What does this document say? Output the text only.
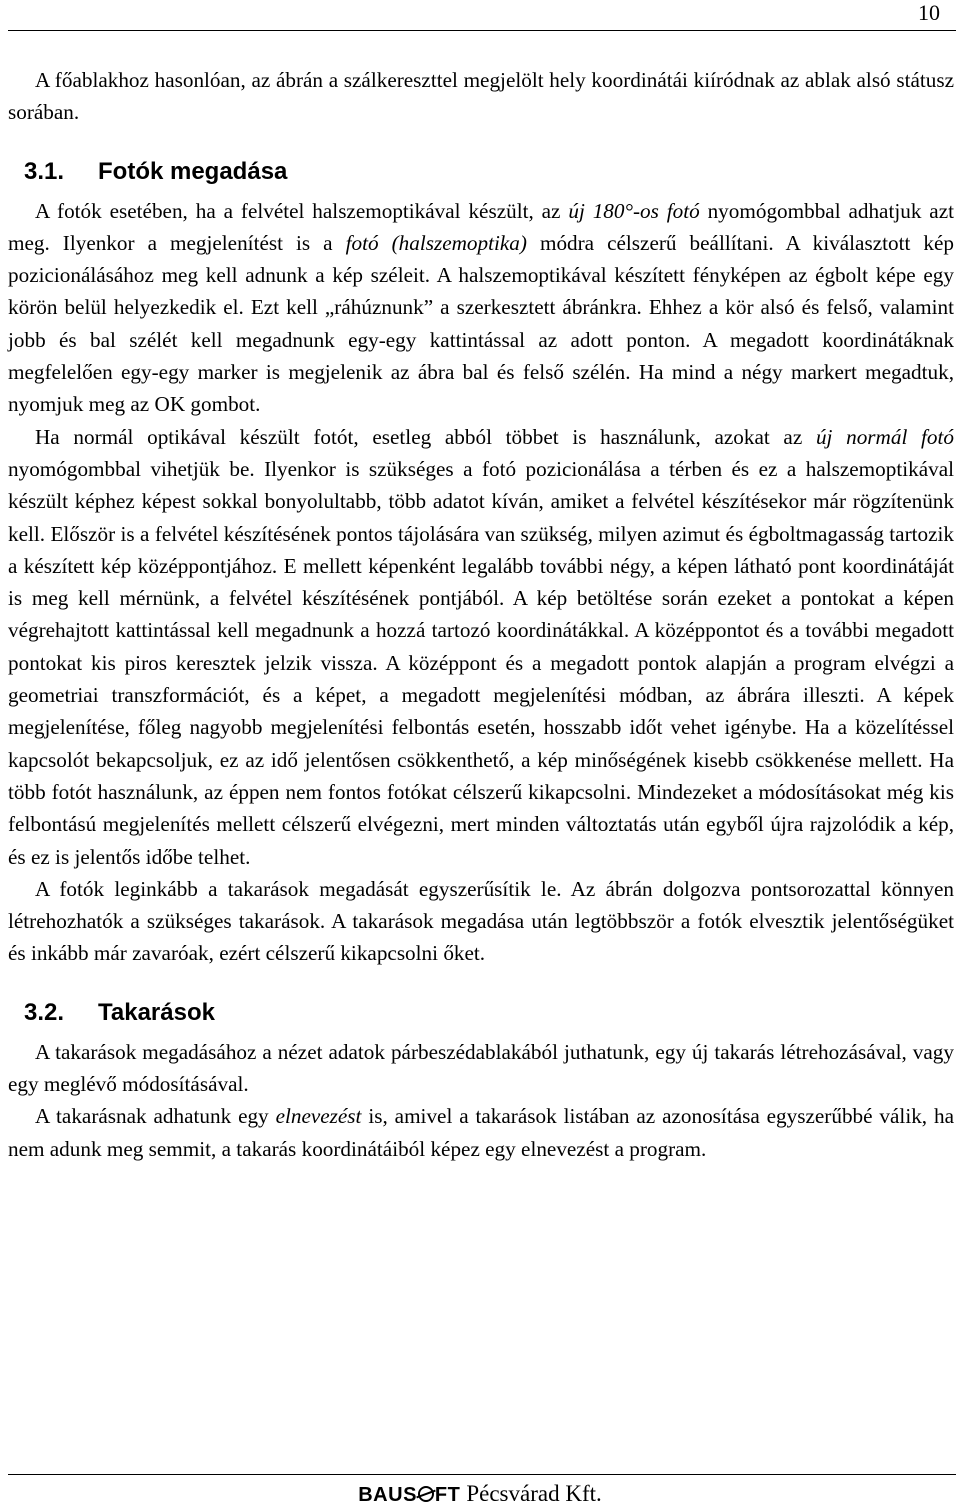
10

A főablakhoz hasonlóan, az ábrán a szálkereszttel megjelölt hely koordinátái kiíródnak az ablak alsó státusz sorában.

3.1. Fotók megadása

A fotók esetében, ha a felvétel halszemoptikával készült, az új 180°-os fotó nyomógombbal adhatjuk azt meg. Ilyenkor a megjelenítést is a fotó (halszemoptika) módra célszerű beállítani. A kiválasztott kép pozicionálásához meg kell adnunk a kép széleit. A halszemoptikával készített fényképen az égbolt képe egy körön belül helyezkedik el. Ezt kell „ráhúznunk” a szerkesztett ábránkra. Ehhez a kör alsó és felső, valamint jobb és bal szélét kell megadnunk egy-egy kattintással az adott ponton. A megadott koordinátáknak megfelelően egy-egy marker is megjelenik az ábra bal és felső szélén. Ha mind a négy markert megadtuk, nyomjuk meg az OK gombot.

Ha normál optikával készült fotót, esetleg abból többet is használunk, azokat az új normál fotó nyomógombbal vihetjük be. Ilyenkor is szükséges a fotó pozicionálása a térben és ez a halszemoptikával készült képhez képest sokkal bonyolultabb, több adatot kíván, amiket a felvétel készítésekor már rögzítenünk kell. Először is a felvétel készítésének pontos tájolására van szükség, milyen azimut és égboltmagasság tartozik a készített kép középpontjához. E mellett képenként legalább további négy, a képen látható pont koordinátáját is meg kell mérnünk, a felvétel készítésének pontjából. A kép betöltése során ezeket a pontokat a képen végrehajtott kattintással kell megadnunk a hozzá tartozó koordinátákkal. A középpontot és a további megadott pontokat kis piros keresztek jelzik vissza. A középpont és a megadott pontok alapján a program elvégzi a geometriai transzformációt, és a képet, a megadott megjelenítési módban, az ábrára illeszti. A képek megjelenítése, főleg nagyobb megjelenítési felbontás esetén, hosszabb időt vehet igénybe. Ha a közelítéssel kapcsolót bekapcsoljuk, ez az idő jelentősen csökkenthető, a kép minőségének kisebb csökkenése mellett. Ha több fotót használunk, az éppen nem fontos fotókat célszerű kikapcsolni. Mindezeket a módosításokat még kis felbontású megjelenítés mellett célszerű elvégezni, mert minden változtatás után egyből újra rajzolódik a kép, és ez is jelentős időbe telhet.

A fotók leginkább a takarások megadását egyszerűsítik le. Az ábrán dolgozva pontsorozattal könnyen létrehozhatók a szükséges takarások. A takarások megadása után legtöbbször a fotók elvesztik jelentőségüket és inkább már zavaróak, ezért célszerű kikapcsolni őket.

3.2. Takarások

A takarások megadásához a nézet adatok párbeszédablakából juthatunk, egy új takarás létrehozásával, vagy egy meglévő módosításával.

A takarásnak adhatunk egy elnevezést is, amivel a takarások listában az azonosítása egyszerűbbé válik, ha nem adunk meg semmit, a takarás koordinátáiból képez egy elnevezést a program.

BAUS FT Pécsvárad Kft.
